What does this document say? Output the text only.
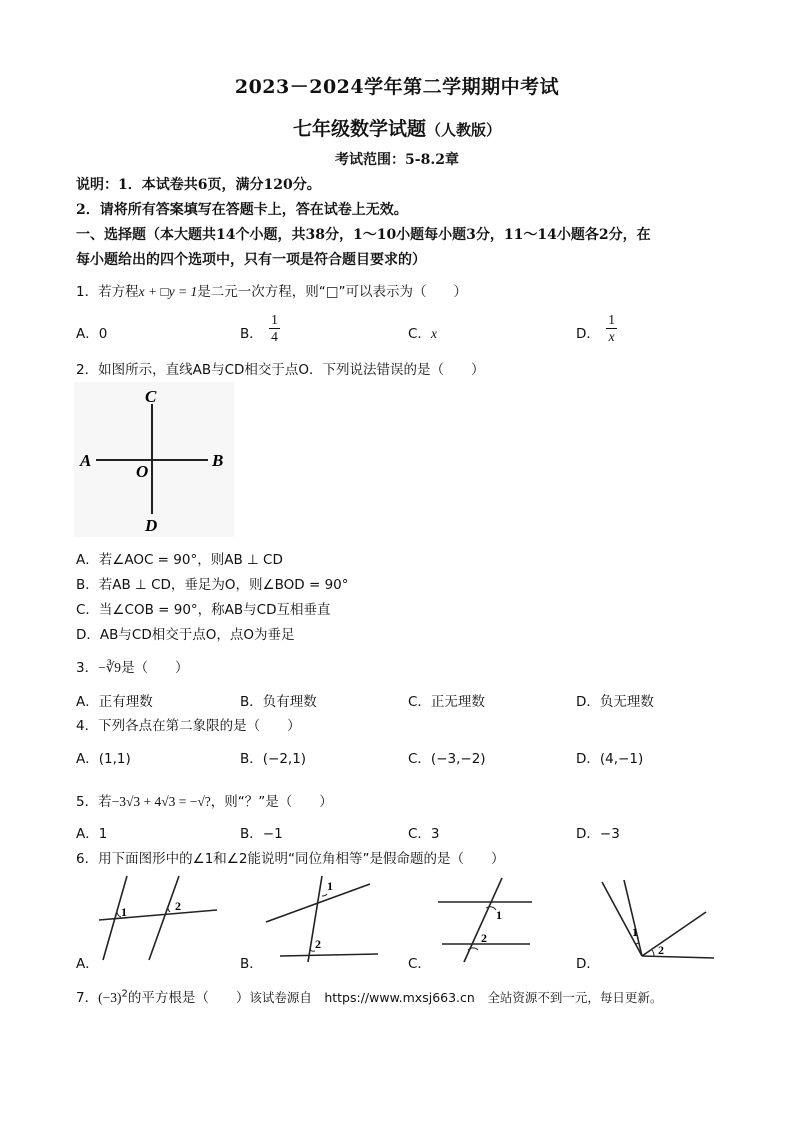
2023－2024学年第二学期期中考试
七年级数学试题（人教版）
考试范围：5-8.2章
说明：1．本试卷共6页，满分120分。
2．请将所有答案填写在答题卡上，答在试卷上无效。
一、选择题（本大题共14个小题，共38分，1～10小题每小题3分，11～14小题各2分，在
每小题给出的四个选项中，只有一项是符合题目要求的）
1．若方程x + □y = 1是二元一次方程，则“□”可以表示为（　　）
A．0	B． $\frac{1}{4}$	C．x	D． $\frac{1}{x}$
2．如图所示，直线AB与CD相交于点O．下列说法错误的是（　　）
A	B
C
D
O
A．若∠AOC = 90°，则AB ⊥ CD
B．若AB ⊥ CD，垂足为O，则∠BOD = 90°
C．当∠COB = 90°，称AB与CD互相垂直
D．AB与CD相交于点O，点O为垂足
3．−∛9是（　　）
A．正有理数	B．负有理数	C．正无理数	D．负无理数
4．下列各点在第二象限的是（　　）
A．(1,1)	B．(−2,1)	C．(−3,−2)	D．(4,−1)
5．若−3√3 + 4√3 = −√?，则“？”是（　　）
A．1	B．−1	C．3	D．−3
6．用下面图形中的∠1和∠2能说明“同位角相等”是假命题的是（　　）
A．
1	2
B．
1
2
C．
1
2
D．
1
2
7．$(-3)^2$的平方根是（　　）该试卷源自　https://www.mxsj663.cn　全站资源不到一元，每日更新。
